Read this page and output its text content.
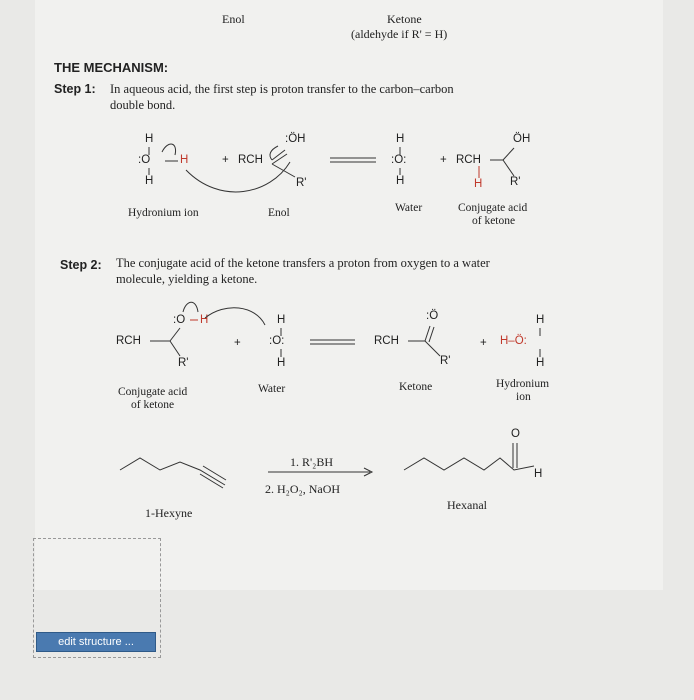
Enol	Ketone
(aldehyde if R' = H)
THE MECHANISM:
Step 1: In aqueous acid, the first step is proton transfer to the carbon–carbon
double bond.
H
:O	H
H
+ RCH
:ÖH
R'
H
:O:
H
+ RCH
ÖH
H R'
Hydronium ion	Enol	Water	Conjugate acid
of ketone
Step 2: The conjugate acid of the ketone transfers a proton from oxygen to a water
molecule, yielding a ketone.
:O H
RCH
R'
+
H
:O:
H
:Ö
RCH
R'
+
H
H–Ö:
H
Conjugate acid
of ketone
Water	Ketone	Hydronium
ion
1. R'₂BH
2. H₂O₂, NaOH
1-Hexyne
Hexanal
O
H
edit structure ...
